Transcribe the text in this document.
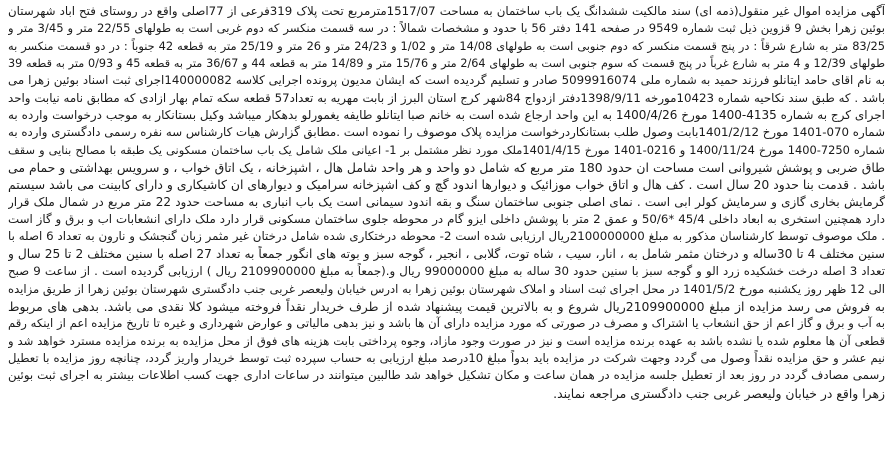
آگهی مزایده اموال غیر منقول(ذمه ای) سند مالکیت ششدانگ یک باب ساختمان به مساحت 1517/07مترمربع تحت پلاک 319فرعی از 77اصلی واقع در روستای فتح اباد شهرستان
بوئین زهرا بخش 9 قزوین ذیل ثبت شماره 9549 در صفحه 141 دفتر 56 با حدود و مشخصات شمالاً : در سه قسمت منکسر که دوم غربی است به طولهای 22/55 متر و 3/45 متر و
83/25 متر به شارع شرقاً : در پنج قسمت منکسر که دوم جنوبی است به طولهای 14/08 متر و 1/02 و 24/23 متر و 26 متر و 25/19 متر به قطعه 42 جنوباً : در دو قسمت منکسر به
طولهای 12/39 و 4 متر به شارع غرباً در پنج قسمت که سوم جنوبی است به طولهای 2/64 متر و 15/76 متر و 14/89 متر به قطعه 44 و 36/67 متر به قطعه 45 و 0/93 متر به قطعه 39
به نام اقای حامد ایتانلو فرزند حمید به شماره ملی 5099916074 صادر و تسلیم گردیده است که ایشان مدیون پرونده اجرایی کلاسه 140000082اجرای ثبت اسناد بوئین زهرا می
باشد . که طبق سند نکاحیه شماره 10423مورخه 1398/9/11دفتر ازدواج 84شهر کرج استان البرز از بابت مهریه به تعداد57 قطعه سکه تمام بهار ازادی که مطابق نامه نیابت واحد
اجرای کرج به شماره 4135-1400 مورخ 1400/4/26 به این واحد ارجاع شده است به خانم صبا ایتانلو طایفه یغمورلو بدهکار میباشد وکیل بستانکار به موجب درخواست وارده به
شماره 070-1401 مورخ 1401/2/12بابت وصول طلب بستانکاردرخواست مزایده پلاک موصوف را نموده است .مطابق گزارش هیات کارشناس سه نفره رسمی دادگستری وارده به
شماره 7250-1400 مورخ 1400/11/24 و 0216-1401 مورخ 1401/4/15ملک مورد نظر مشتمل بر 1- اعیانی ملک شامل یک باب ساختمان مسکونی یک طبقه با مصالح بنایی و سقف
طاق ضربی و پوشش شیروانی است مساحت ان حدود 180 متر مربع که شامل دو واحد و هر واحد شامل هال ، اشپزخانه ، یک اتاق خواب ، و سرویس بهداشتی و حمام می
باشد . قدمت بنا حدود 20 سال است . کف هال و اتاق خواب موزائیک و دیوارها اندود گچ و کف اشپزخانه سرامیک و دیوارهای ان کاشیکاری و دارای کابینت می باشد سیستم
گرمایش بخاری گازی و سرمایش کولر ابی است . نمای اصلی جنوبی ساختمان سنگ و بقه اندود سیمانی است یک باب انباری به مساحت حدود 22 متر مربع در شمال ملک قرار
دارد همچنین استخری به ابعاد داخلی 45/4 *50/6 و عمق 2 متر با پوشش داخلی ایزو گام در محوطه جلوی ساختمان مسکونی قرار دارد ملک دارای انشعابات اب و برق و گاز است
. ملک موصوف توسط کارشناسان مذکور به مبلغ 2100000000ریال ارزیابی شده است 2- محوطه درختکاری شده شامل درختان غیر مثمر زبان گنجشک و نارون به تعداد 6 اصله با
سنین مختلف 4 تا 30ساله و درختان مثمر شامل به ، انار، سیب ، شاه توت، گلابی ، انجیر ، گوجه سبز و بوته های انگور جمعاً به تعداد 27 اصله با سنین مختلف 2 تا 25 سال و
تعداد 3 اصله درخت خشکیده زرد الو و گوجه سبز با سنین حدود 30 ساله به مبلغ 99000000 ریال و.(جمعاً به مبلغ 2109900000 ریال ) ارزیابی گردیده است . از ساعت 9 صبح
الی 12 ظهر روز یکشنبه مورخ 1401/5/2 در محل اجرای ثبت اسناد و املاک شهرستان بوئین زهرا به ادرس خیابان ولیعصر غربی جنب دادگستری شهرستان بوئین زهرا از طریق مزایده
به فروش می رسد مزایده از مبلغ 2109900000ریال شروع و به بالاترین قیمت پیشنهاد شده از طرف خریدار نقداً فروخته میشود کلا نقدی می باشد. بدهی های مربوط
به آب و برق و گاز اعم از حق انشعاب یا اشتراک و مصرف در صورتی که مورد مزایده دارای آن ها باشد و نیز بدهی مالیاتی و عوارض شهرداری و غیره تا تاریخ مزایده اعم از اینکه رقم
قطعی آن ها معلوم شده یا نشده باشد به عهده برنده مزایده است و نیز در صورت وجود مازاد، وجوه پرداختی بابت هزینه های فوق از محل مزایده به برنده مزایده مسترد خواهد شد و
نیم عشر و حق مزایده نقداً وصول می گردد وجهت شرکت در مزایده باید بدواً مبلغ 10درصد مبلغ ارزیابی به حساب سپرده ثبت توسط خریدار واریز گردد، چنانچه روز مزایده با تعطیل
رسمی مصادف گردد در روز بعد از تعطیل جلسه مزایده در همان ساعت و مکان تشکیل خواهد شد طالبین میتوانند در ساعات اداری جهت کسب اطلاعات بیشتر به اجرای ثبت بوئین
زهرا واقع در خیابان ولیعصر غربی جنب دادگستری مراجعه نمایند.
